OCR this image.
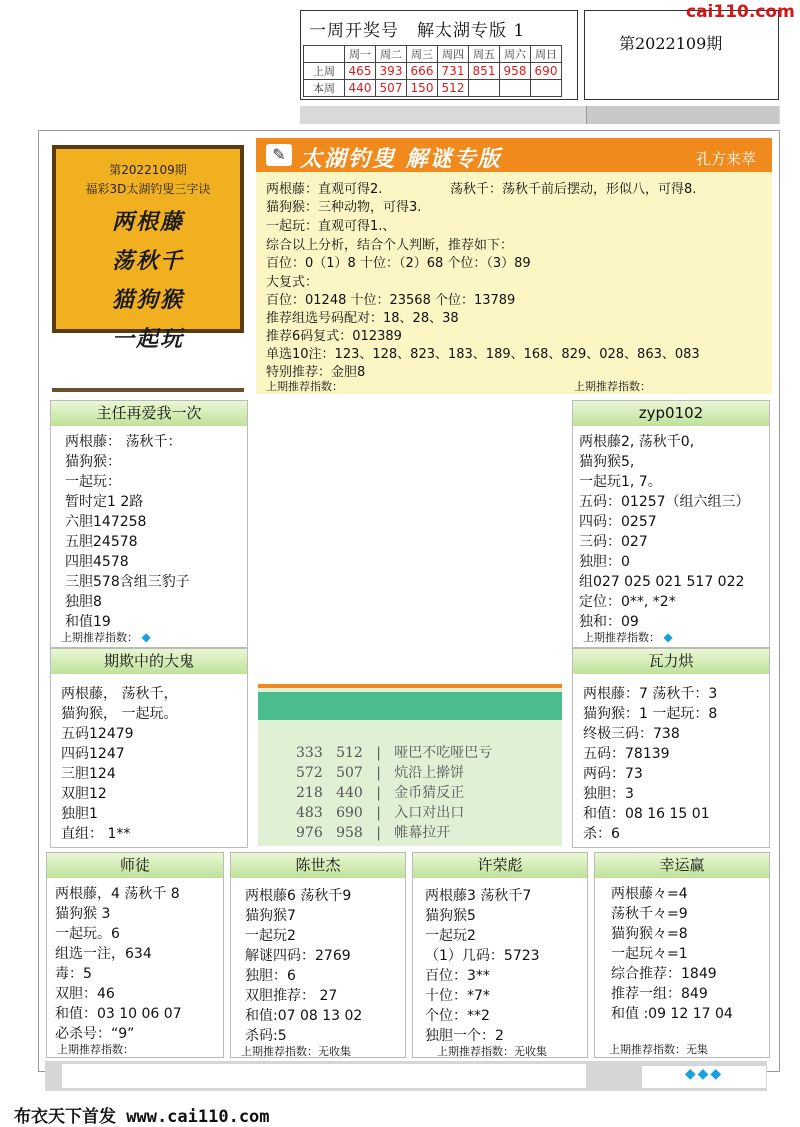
一周开奖号　解太湖专版 1
	周一	周二	周三	周四	周五	周六	周日
上周	465	393	666	731	851	958	690
本周	440	507	150	512			
第2022109期
cai110.com
第2022109期
福彩3D太湖钓叟三字诀
两根藤
荡秋千
猫狗猴
一起玩
✎ 太湖钓叟 解谜专版	孔方来萃
两根藤：直观可得2.	荡秋千：荡秋千前后摆动，形似八，可得8.
猫狗猴：三种动物，可得3.
一起玩：直观可得1.、
综合以上分析，结合个人判断，推荐如下：
百位：0（1）8 十位：（2）68 个位：（3）89
大复式：
百位：01248 十位：23568 个位：13789
推荐组选号码配对：18、28、38
推荐6码复式：012389
单选10注：123、128、823、183、189、168、829、028、863、083
特别推荐：金胆8
上期推荐指数：	上期推荐指数：
主任再爱我一次
两根藤： 荡秋千：
猫狗猴：
一起玩：
暂时定1 2路
六胆147258
五胆24578
四胆4578
三胆578含组三豹子
独胆8
和值19
上期推荐指数： ◆
zyp0102
两根藤2, 荡秋千0,
猫狗猴5,
一起玩1, 7。
五码：01257（组六组三）
四码：0257
三码：027
独胆：0
组027 025 021 517 022
定位：0**, *2*
独和：09
上期推荐指数： ◆
期欺中的大鬼
两根藤， 荡秋千，
猫狗猴， 一起玩。
五码12479
四码1247
三胆124
双胆12
独胆1
直组： 1**
瓦力烘
两根藤：7 荡秋千：3
猫狗猴：1 一起玩：8
终极三码：738
五码：78139
两码：73
独胆：3
和值：08 16 15 01
杀：6
333 512 | 哑巴不吃哑巴亏
572 507 | 炕沿上擀饼
218 440 | 金币猜反正
483 690 | 入口对出口
976 958 | 帷幕拉开
师徒
两根藤，4 荡秋千 8
猫狗猴 3
一起玩。6
组选一注，634
毒：5
双胆：46
和值：03 10 06 07
必杀号：“9”
上期推荐指数：
陈世杰
两根藤6 荡秋千9
猫狗猴7
一起玩2
解谜四码：2769
独胆：6
双胆推荐： 27
和值:07 08 13 02
杀码:5
上期推荐指数：无收集
许荣彪
两根藤3 荡秋千7
猫狗猴5
一起玩2
（1）几码：5723
百位：3**
十位：*7*
个位：**2
独胆一个：2
上期推荐指数：无收集
幸运赢
两根藤々=4
荡秋千々=9
猫狗猴々=8
一起玩々=1
综合推荐：1849
推荐一组：849
和值 :09 12 17 04
上期推荐指数：无集
◆◆◆
布衣天下首发 www.cai110.com
